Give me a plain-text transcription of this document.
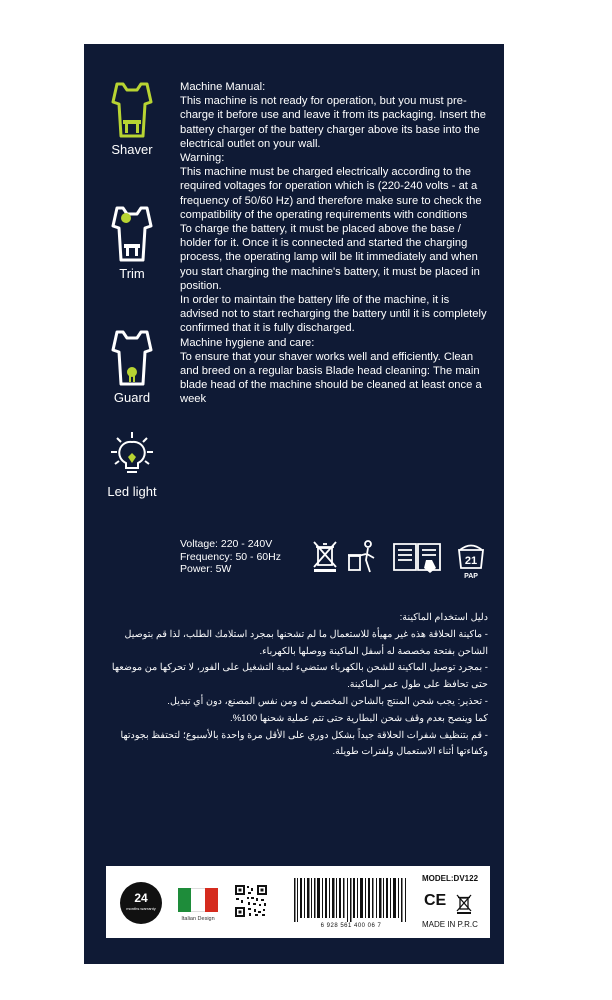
Shaver
Trim
Guard
Led light

Machine Manual:

This machine is not ready for operation, but you must pre-charge it before use and leave it from its packaging. Insert the battery charger of the battery charger above its base into the electrical outlet on your wall.

Warning:

This machine must be charged electrically according to the required voltages for operation which is (220-240 volts - at a frequency of 50/60 Hz) and therefore make sure to check the compatibility of the operating requirements with conditions

To charge the battery, it must be placed above the base / holder for it. Once it is connected and started the charging process, the operating lamp will be lit immediately and when you start charging the machine's battery, it must be placed in position.

In order to maintain the battery life of the machine, it is advised not to start recharging the battery until it is completely confirmed that it is fully discharged.

Machine hygiene and care:

To ensure that your shaver works well and efficiently. Clean and breed on a regular basis Blade head cleaning: The main blade head of the machine should be cleaned at least once a week

Voltage: 220 - 240V
Frequency: 50 - 60Hz
Power: 5W
21
PAP

دليل استخدام الماكينة:

- ماكينة الحلاقة هذه غير مهيأة للاستعمال ما لم تشحنها بمجرد استلامك الطلب، لذا قم بتوصيل الشاحن بفتحة مخصصة له أسفل الماكينة ووصلها بالكهرباء.

- بمجرد توصيل الماكينة للشحن بالكهرباء ستضيء لمبة التشغيل على الفور، لا تحركها من موضعها حتى تحافظ على طول عمر الماكينة.

- تحذير: يجب شحن المنتج بالشاحن المخصص له ومن نفس المصنع، دون أي تبديل.

كما وينصح بعدم وقف شحن البطارية حتى تتم عملية شحنها 100%.

- قم بتنظيف شفرات الحلاقة جيداً بشكل دوري على الأقل مرة واحدة بالأسبوع؛ لتحتفظ بجودتها وكفاءتها أثناء الاستعمال ولفترات طويلة.

24
months warranty
Italian Design
6 928 561 400 06 7
MODEL:DV122
CE
MADE IN P.R.C
